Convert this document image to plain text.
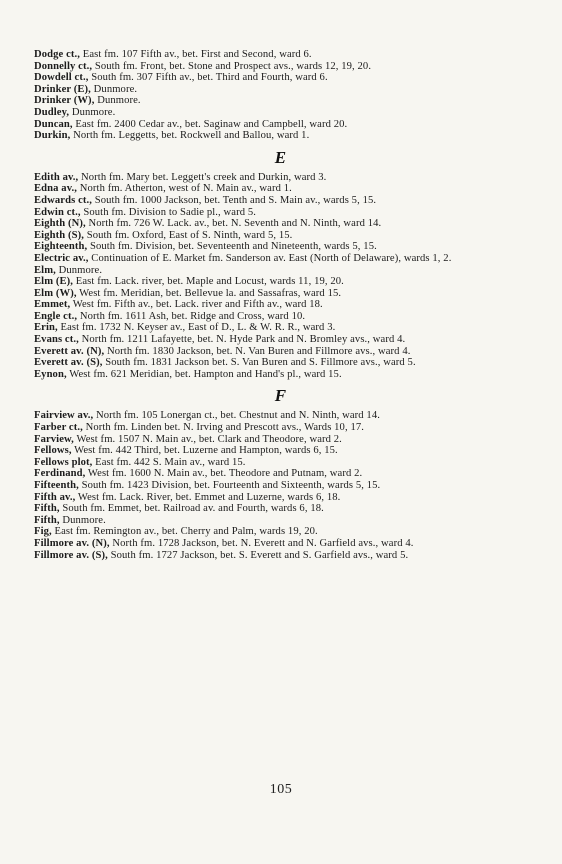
Dodge ct., East fm. 107 Fifth av., bet. First and Second, ward 6.
Donnelly ct., South fm. Front, bet. Stone and Prospect avs., wards 12, 19, 20.
Dowdell ct., South fm. 307 Fifth av., bet. Third and Fourth, ward 6.
Drinker (E), Dunmore.
Drinker (W), Dunmore.
Dudley, Dunmore.
Duncan, East fm. 2400 Cedar av., bet. Saginaw and Campbell, ward 20.
Durkin, North fm. Leggetts, bet. Rockwell and Ballou, ward 1.
E
Edith av., North fm. Mary bet. Leggett's creek and Durkin, ward 3.
Edna av., North fm. Atherton, west of N. Main av., ward 1.
Edwards ct., South fm. 1000 Jackson, bet. Tenth and S. Main av., wards 5, 15.
Edwin ct., South fm. Division to Sadie pl., ward 5.
Eighth (N), North fm. 726 W. Lack. av., bet. N. Seventh and N. Ninth, ward 14.
Eighth (S), South fm. Oxford, East of S. Ninth, ward 5, 15.
Eighteenth, South fm. Division, bet. Seventeenth and Nineteenth, wards 5, 15.
Electric av., Continuation of E. Market fm. Sanderson av. East (North of Delaware), wards 1, 2.
Elm, Dunmore.
Elm (E), East fm. Lack. river, bet. Maple and Locust, wards 11, 19, 20.
Elm (W), West fm. Meridian, bet. Bellevue la. and Sassafras, ward 15.
Emmet, West fm. Fifth av., bet. Lack. river and Fifth av., ward 18.
Engle ct., North fm. 1611 Ash, bet. Ridge and Cross, ward 10.
Erin, East fm. 1732 N. Keyser av., East of D., L. & W. R. R., ward 3.
Evans ct., North fm. 1211 Lafayette, bet. N. Hyde Park and N. Bromley avs., ward 4.
Everett av. (N), North fm. 1830 Jackson, bet. N. Van Buren and Fillmore avs., ward 4.
Everett av. (S), South fm. 1831 Jackson bet. S. Van Buren and S. Fillmore avs., ward 5.
Eynon, West fm. 621 Meridian, bet. Hampton and Hand's pl., ward 15.
F
Fairview av., North fm. 105 Lonergan ct., bet. Chestnut and N. Ninth, ward 14.
Farber ct., North fm. Linden bet. N. Irving and Prescott avs., Wards 10, 17.
Farview, West fm. 1507 N. Main av., bet. Clark and Theodore, ward 2.
Fellows, West fm. 442 Third, bet. Luzerne and Hampton, wards 6, 15.
Fellows plot, East fm. 442 S. Main av., ward 15.
Ferdinand, West fm. 1600 N. Main av., bet. Theodore and Putnam, ward 2.
Fifteenth, South fm. 1423 Division, bet. Fourteenth and Sixteenth, wards 5, 15.
Fifth av., West fm. Lack. River, bet. Emmet and Luzerne, wards 6, 18.
Fifth, South fm. Emmet, bet. Railroad av. and Fourth, wards 6, 18.
Fifth, Dunmore.
Fig, East fm. Remington av., bet. Cherry and Palm, wards 19, 20.
Fillmore av. (N), North fm. 1728 Jackson, bet. N. Everett and N. Garfield avs., ward 4.
Fillmore av. (S), South fm. 1727 Jackson, bet. S. Everett and S. Garfield avs., ward 5.
105
